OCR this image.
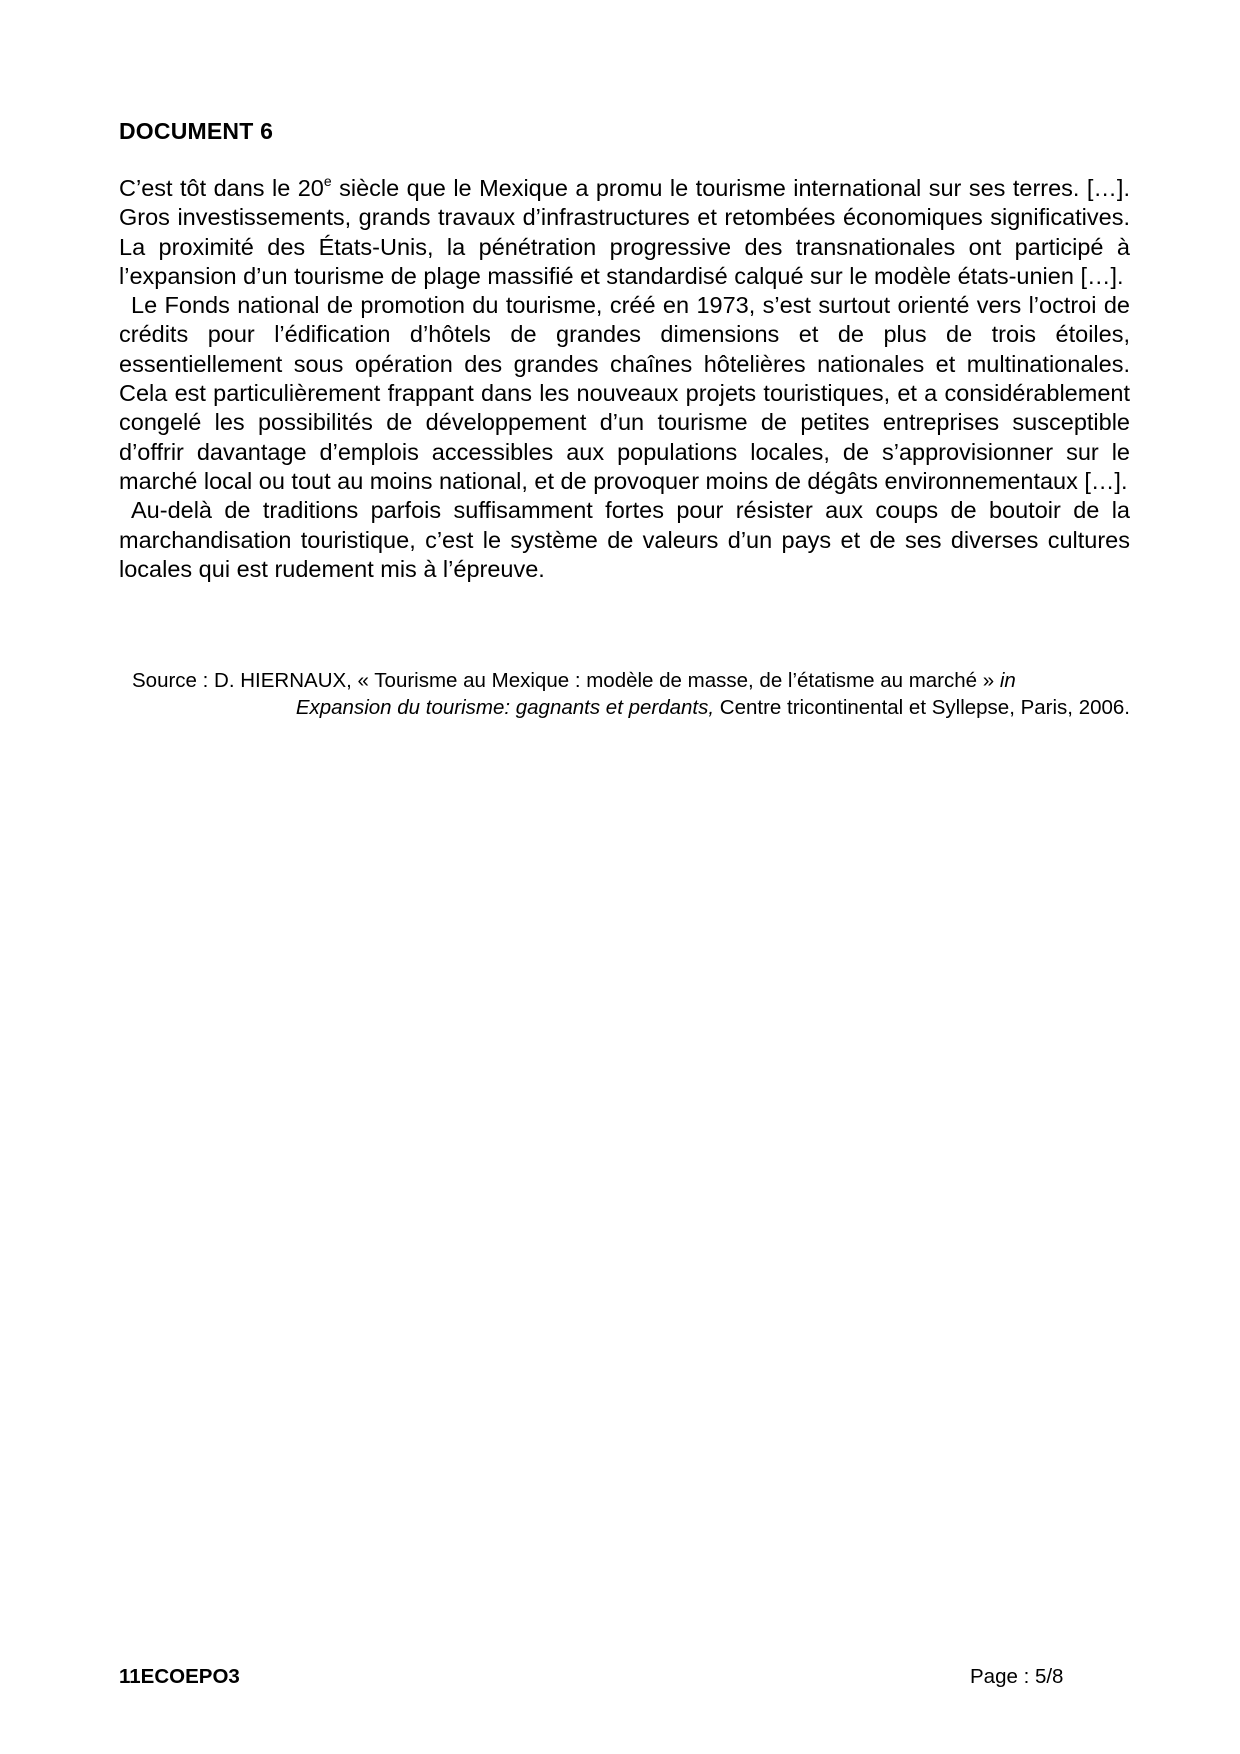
DOCUMENT 6

C’est tôt dans le 20e siècle que le Mexique a promu le tourisme international sur ses terres. […]. Gros investissements, grands travaux d’infrastructures et retombées économiques significatives. La proximité des États-Unis, la pénétration progressive des transnationales ont participé à l’expansion d’un tourisme de plage massifié et standardisé calqué sur le modèle états-unien […].

Le Fonds national de promotion du tourisme, créé en 1973, s’est surtout orienté vers l’octroi de crédits pour l’édification d’hôtels de grandes dimensions et de plus de trois étoiles, essentiellement sous opération des grandes chaînes hôtelières nationales et multinationales. Cela est particulièrement frappant dans les nouveaux projets touristiques, et a considérablement congelé les possibilités de développement d’un tourisme de petites entreprises susceptible d’offrir davantage d’emplois accessibles aux populations locales, de s’approvisionner sur le marché local ou tout au moins national, et de provoquer moins de dégâts environnementaux […].

Au-delà de traditions parfois suffisamment fortes pour résister aux coups de boutoir de la marchandisation touristique, c’est le système de valeurs d’un pays et de ses diverses cultures locales qui est rudement mis à l’épreuve.

Source : D. HIERNAUX, « Tourisme au Mexique : modèle de masse, de l’étatisme au marché » in
Expansion du tourisme: gagnants et perdants, Centre tricontinental et Syllepse, Paris, 2006.
11ECOEPO3	Page : 5/8
